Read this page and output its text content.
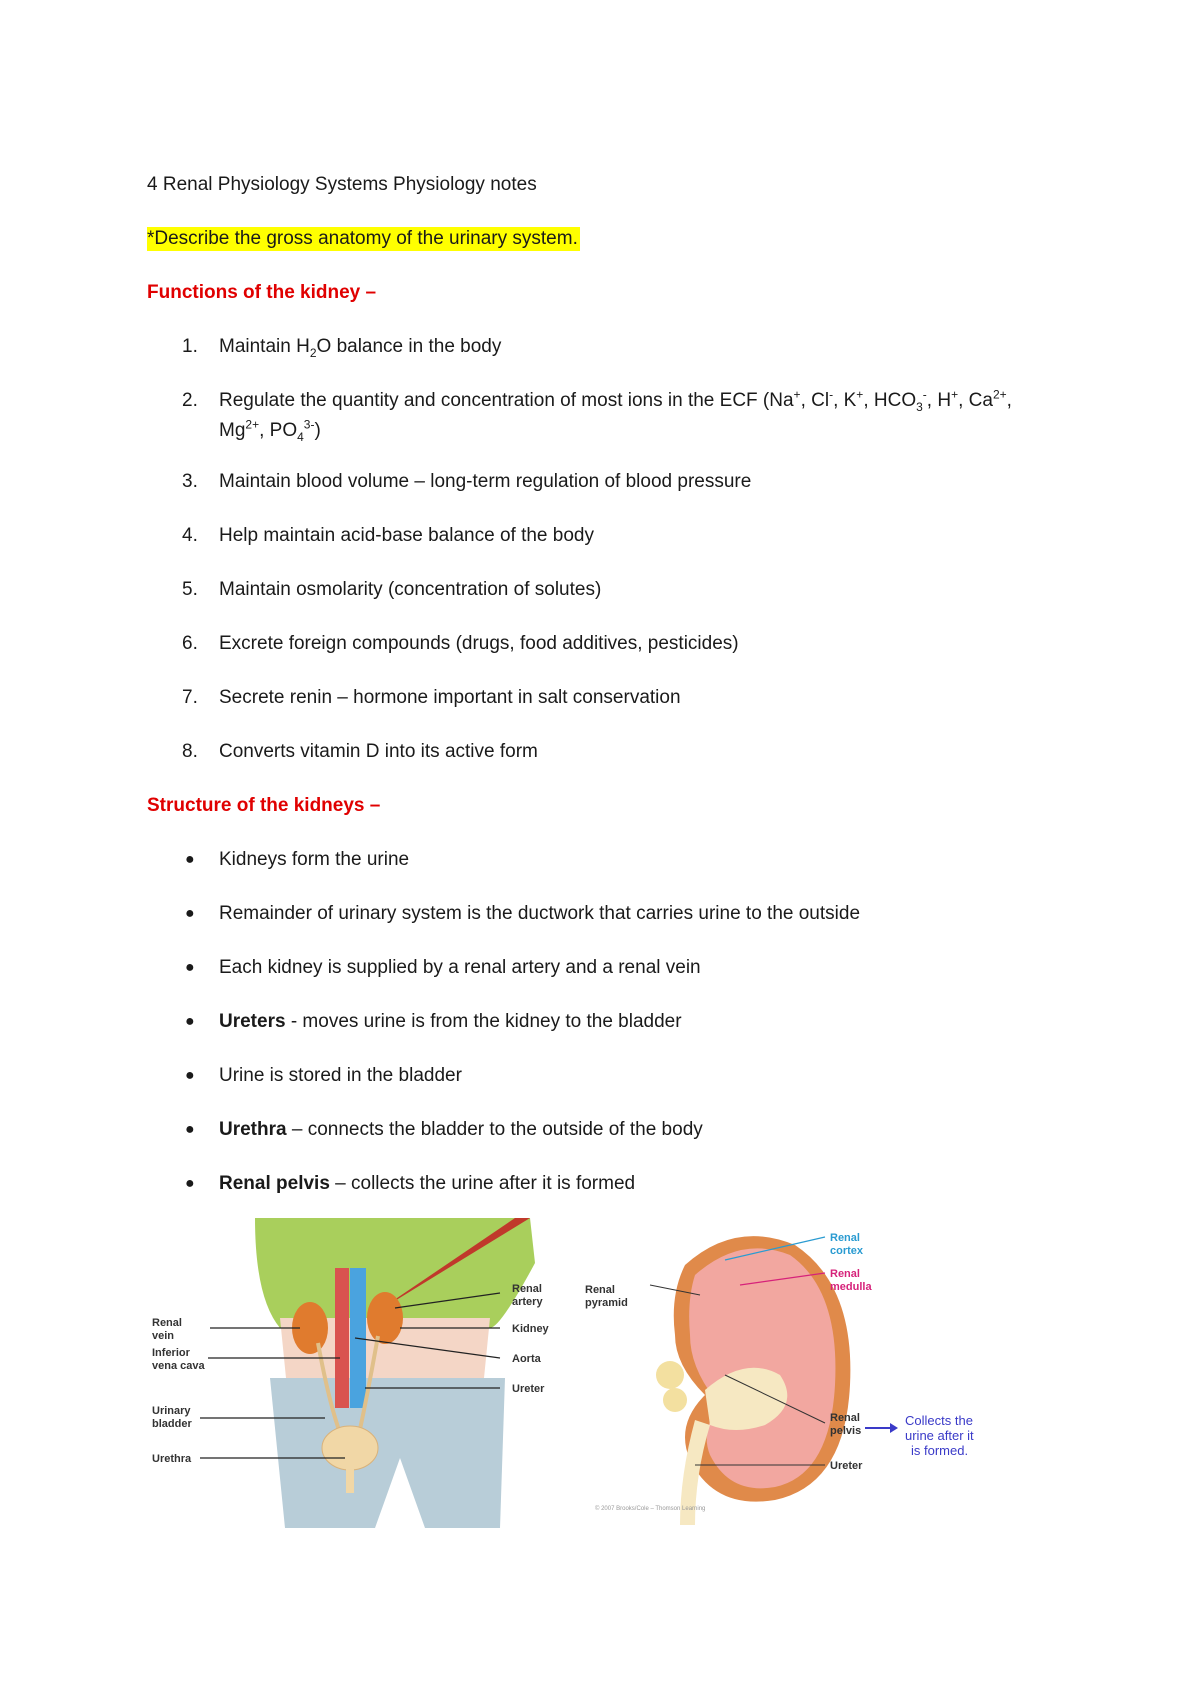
4 Renal Physiology Systems Physiology notes
*Describe the gross anatomy of the urinary system.
Functions of the kidney –
1.	Maintain $H_2O$ balance in the body
2.	Regulate the quantity and concentration of most ions in the ECF (Na+, Cl-, K+, $HCO_3^-$, H+, $Ca^{2+}$,
$Mg^{2+}$, $PO_4^{3-}$)
3.	Maintain blood volume – long-term regulation of blood pressure
4.	Help maintain acid-base balance of the body
5.	Maintain osmolarity (concentration of solutes)
6.	Excrete foreign compounds (drugs, food additives, pesticides)
7.	Secrete renin – hormone important in salt conservation
8.	Converts vitamin D into its active form
Structure of the kidneys –
● Kidneys form the urine
● Remainder of urinary system is the ductwork that carries urine to the outside
● Each kidney is supplied by a renal artery and a renal vein
● Ureters - moves urine is from the kidney to the bladder
● Urine is stored in the bladder
● Urethra – connects the bladder to the outside of the body
● Renal pelvis – collects the urine after it is formed
Renal
vein
Inferior
vena cava
Urinary
bladder
Urethra
Renal
artery
Kidney
Aorta
Ureter
Renal
pyramid
Renal
cortex
Renal
medulla
Renal
pelvis
Ureter
Collects the
urine after it
is formed.
© 2007 Brooks/Cole – Thomson Learning
